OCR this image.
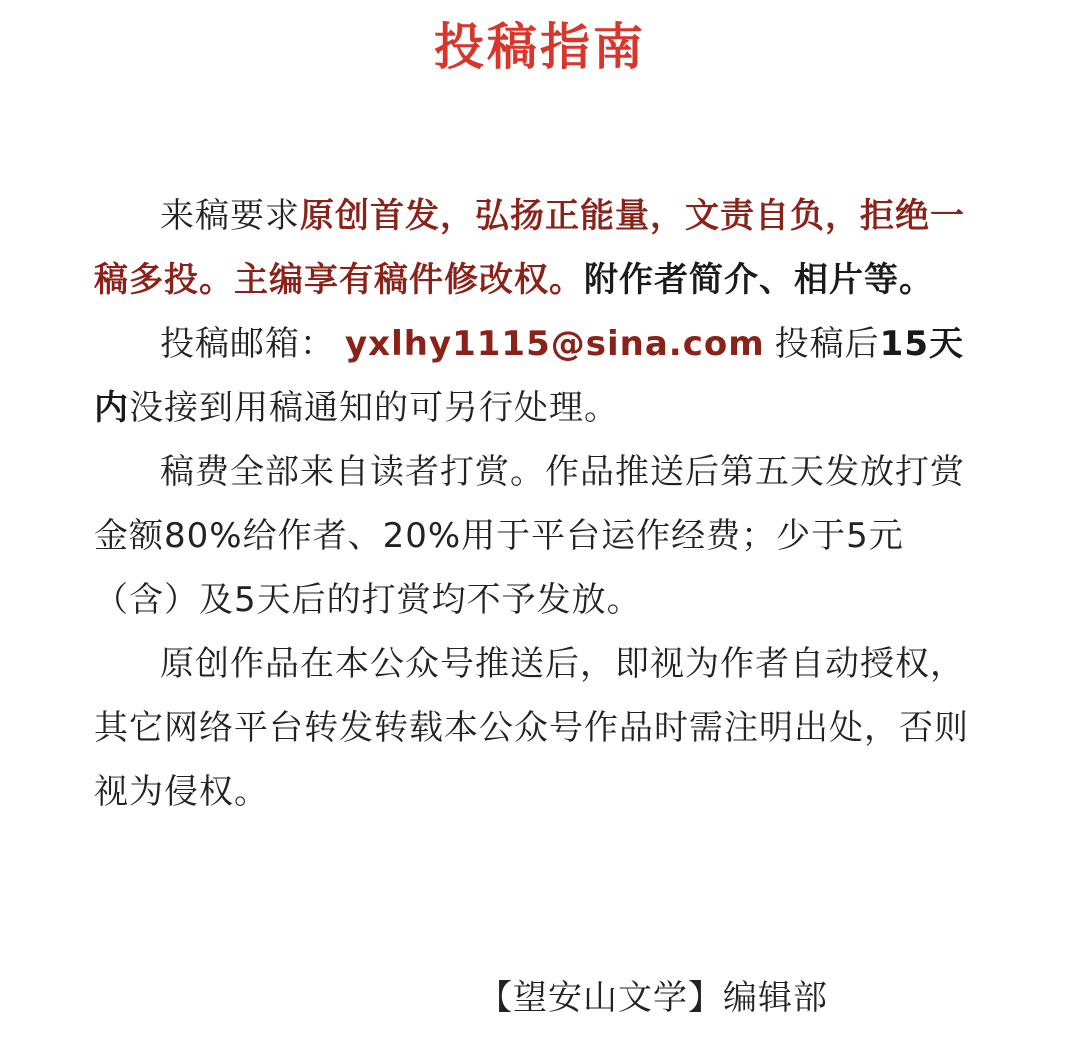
投稿指南

来稿要求原创首发，弘扬正能量，文责自负，拒绝一稿多投。主编享有稿件修改权。附作者简介、相片等。

投稿邮箱： yxlhy1115@sina.com 投稿后15天内没接到用稿通知的可另行处理。

稿费全部来自读者打赏。作品推送后第五天发放打赏金额80%给作者、20%用于平台运作经费；少于5元（含）及5天后的打赏均不予发放。

原创作品在本公众号推送后，即视为作者自动授权，其它网络平台转发转载本公众号作品时需注明出处，否则视为侵权。

【望安山文学】编辑部
